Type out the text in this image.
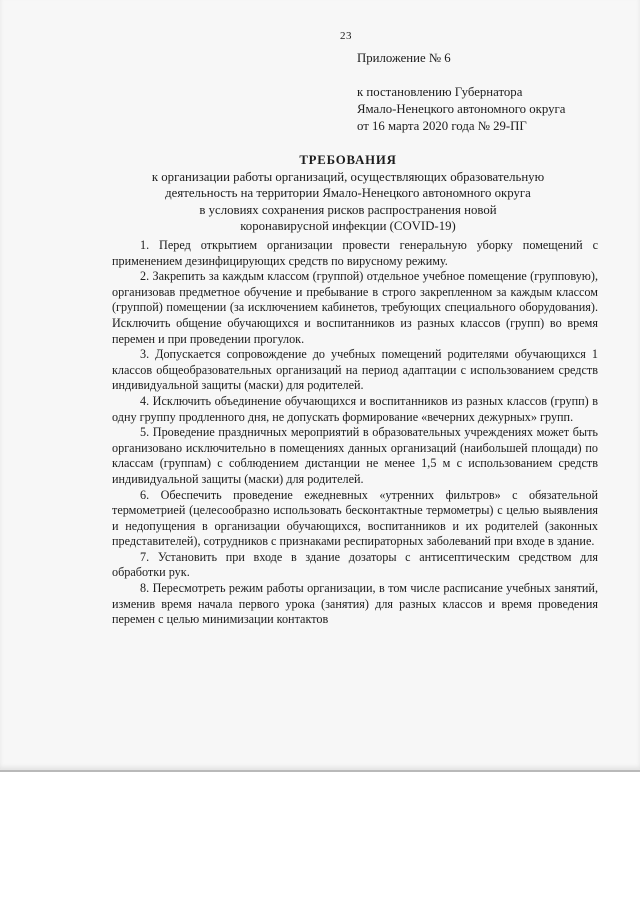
23
Приложение № 6
к постановлению Губернатора
Ямало-Ненецкого автономного округа
от 16 марта 2020 года № 29-ПГ
ТРЕБОВАНИЯ
к организации работы организаций, осуществляющих образовательную
деятельность на территории Ямало-Ненецкого автономного округа
в условиях сохранения рисков распространения новой
коронавирусной инфекции (COVID-19)

1. Перед открытием организации провести генеральную уборку помещений с применением дезинфицирующих средств по вирусному режиму.

2. Закрепить за каждым классом (группой) отдельное учебное помещение (групповую), организовав предметное обучение и пребывание в строго закрепленном за каждым классом (группой) помещении (за исключением кабинетов, требующих специального оборудования). Исключить общение обучающихся и воспитанников из разных классов (групп) во время перемен и при проведении прогулок.

3. Допускается сопровождение до учебных помещений родителями обучающихся 1 классов общеобразовательных организаций на период адаптации с использованием средств индивидуальной защиты (маски) для родителей.

4. Исключить объединение обучающихся и воспитанников из разных классов (групп) в одну группу продленного дня, не допускать формирование «вечерних дежурных» групп.

5. Проведение праздничных мероприятий в образовательных учреждениях может быть организовано исключительно в помещениях данных организаций (наибольшей площади) по классам (группам) с соблюдением дистанции не менее 1,5 м с использованием средств индивидуальной защиты (маски) для родителей.

6. Обеспечить проведение ежедневных «утренних фильтров» с обязательной термометрией (целесообразно использовать бесконтактные термометры) с целью выявления и недопущения в организации обучающихся, воспитанников и их родителей (законных представителей), сотрудников с признаками респираторных заболеваний при входе в здание.

7. Установить при входе в здание дозаторы с антисептическим средством для обработки рук.

8. Пересмотреть режим работы организации, в том числе расписание учебных занятий, изменив время начала первого урока (занятия) для разных классов и время проведения перемен с целью минимизации контактов
